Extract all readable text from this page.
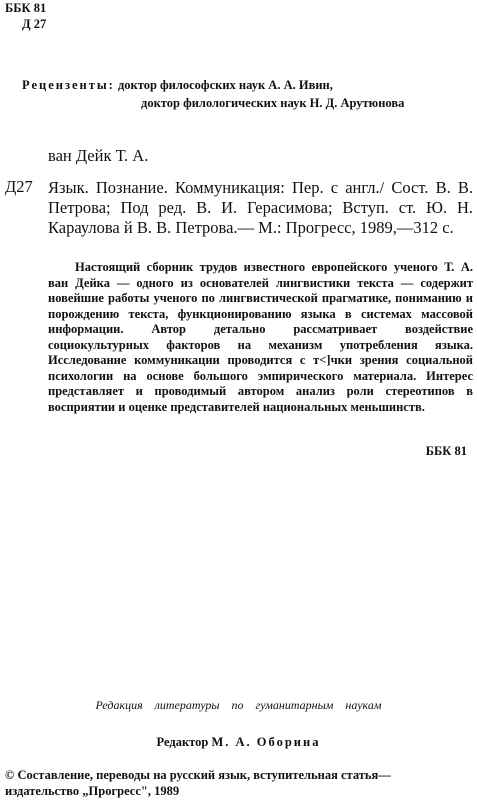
ББК 81
Д 27
Рецензенты: доктор философских наук А. А. Ивин,
доктор филологических наук Н. Д. Арутюнова
ван Дейк Т. А.
Д27 Язык. Познание. Коммуникация: Пер. с англ./ Сост. В. В. Петрова; Под ред. В. И. Герасимова; Вступ. ст. Ю. Н. Караулова й В. В. Петрова.— М.: Прогресс, 1989,—312 с.
Настоящий сборник трудов известного европейского ученого Т. А. ван Дейка — одного из основателей лингвистики текста — содержит новейшие работы ученого по лингвистической прагматике, пониманию и порождению текста, функционированию языка в системах массовой информации. Автор детально рассматривает воздействие социокультурных факторов на механизм употребления языка. Исследование коммуникации проводится с т<]чки зрения социальной психологии на основе большого эмпирического материала. Интерес представляет и проводимый автором анализ роли стереотипов в восприятии и оценке представителей национальных меньшинств.
ББК 81
Редакция литературы по гуманитарным наукам
Редактор М. А. Оборина
© Составление, переводы на русский язык, вступительная статья—
издательство „Прогресс", 1989
